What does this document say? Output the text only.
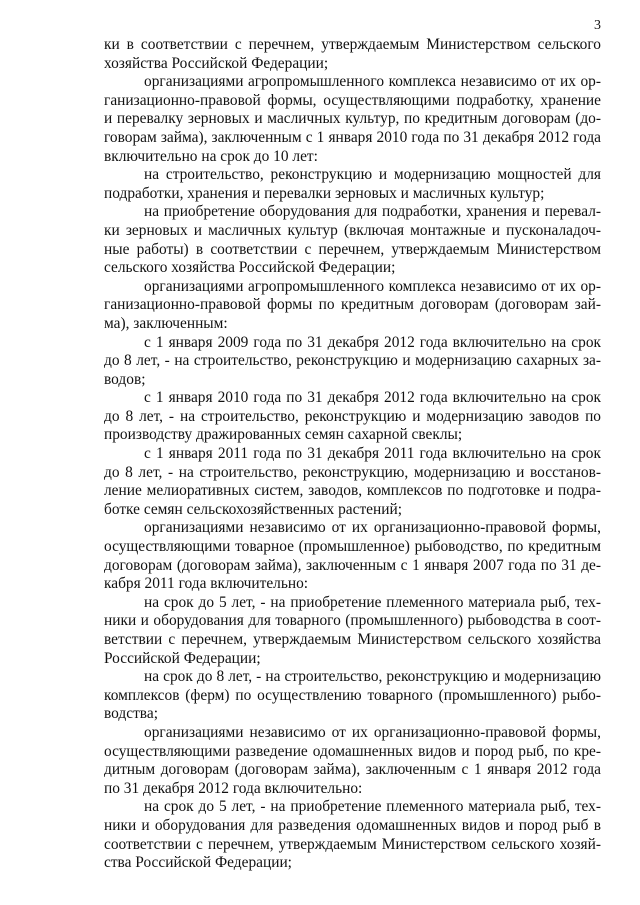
3
ки в соответствии с перечнем, утверждаемым Министерством сельского
хозяйства Российской Федерации;
организациями агропромышленного комплекса независимо от их ор-
ганизационно-правовой формы, осуществляющими подработку, хранение
и перевалку зерновых и масличных культур, по кредитным договорам (до-
говорам займа), заключенным с 1 января 2010 года по 31 декабря 2012 года
включительно на срок до 10 лет:
на строительство, реконструкцию и модернизацию мощностей для
подработки, хранения и перевалки зерновых и масличных культур;
на приобретение оборудования для подработки, хранения и перевал-
ки зерновых и масличных культур (включая монтажные и пусконаладоч-
ные работы) в соответствии с перечнем, утверждаемым Министерством
сельского хозяйства Российской Федерации;
организациями агропромышленного комплекса независимо от их ор-
ганизационно-правовой формы по кредитным договорам (договорам зай-
ма), заключенным:
с 1 января 2009 года по 31 декабря 2012 года включительно на срок
до 8 лет, - на строительство, реконструкцию и модернизацию сахарных за-
водов;
с 1 января 2010 года по 31 декабря 2012 года включительно на срок
до 8 лет, - на строительство, реконструкцию и модернизацию заводов по
производству дражированных семян сахарной свеклы;
с 1 января 2011 года по 31 декабря 2011 года включительно на срок
до 8 лет, - на строительство, реконструкцию, модернизацию и восстанов-
ление мелиоративных систем, заводов, комплексов по подготовке и подра-
ботке семян сельскохозяйственных растений;
организациями независимо от их организационно-правовой формы,
осуществляющими товарное (промышленное) рыбоводство, по кредитным
договорам (договорам займа), заключенным с 1 января 2007 года по 31 де-
кабря 2011 года включительно:
на срок до 5 лет, - на приобретение племенного материала рыб, тех-
ники и оборудования для товарного (промышленного) рыбоводства в соот-
ветствии с перечнем, утверждаемым Министерством сельского хозяйства
Российской Федерации;
на срок до 8 лет, - на строительство, реконструкцию и модернизацию
комплексов (ферм) по осуществлению товарного (промышленного) рыбо-
водства;
организациями независимо от их организационно-правовой формы,
осуществляющими разведение одомашненных видов и пород рыб, по кре-
дитным договорам (договорам займа), заключенным с 1 января 2012 года
по 31 декабря 2012 года включительно:
на срок до 5 лет, - на приобретение племенного материала рыб, тех-
ники и оборудования для разведения одомашненных видов и пород рыб в
соответствии с перечнем, утверждаемым Министерством сельского хозяй-
ства Российской Федерации;
